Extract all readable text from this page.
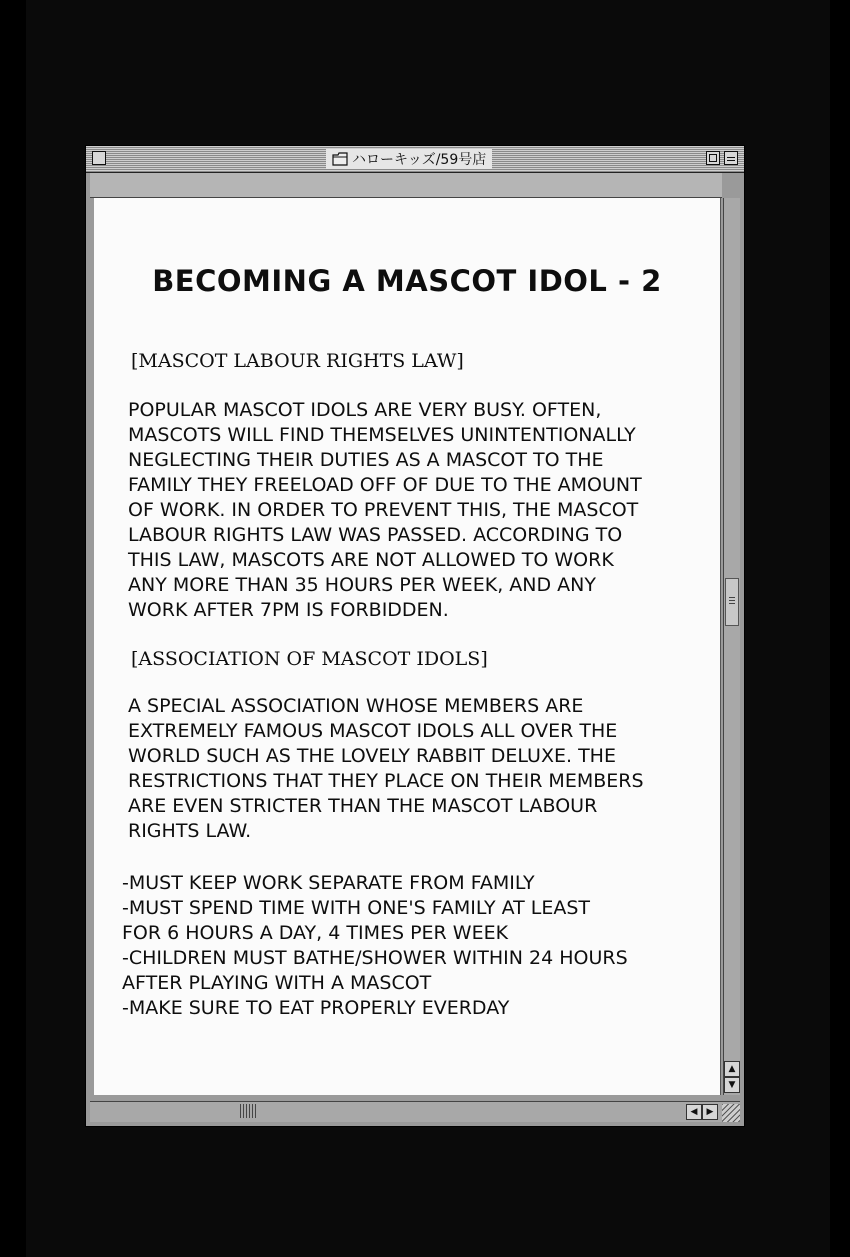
ハローキッズ/59号店
BECOMING A MASCOT IDOL - 2
[MASCOT LABOUR RIGHTS LAW]

POPULAR MASCOT IDOLS ARE VERY BUSY. OFTEN,
MASCOTS WILL FIND THEMSELVES UNINTENTIONALLY
NEGLECTING THEIR DUTIES AS A MASCOT TO THE
FAMILY THEY FREELOAD OFF OF DUE TO THE AMOUNT
OF WORK. IN ORDER TO PREVENT THIS, THE MASCOT
LABOUR RIGHTS LAW WAS PASSED. ACCORDING TO
THIS LAW, MASCOTS ARE NOT ALLOWED TO WORK
ANY MORE THAN 35 HOURS PER WEEK, AND ANY
WORK AFTER 7PM IS FORBIDDEN.

[ASSOCIATION OF MASCOT IDOLS]

A SPECIAL ASSOCIATION WHOSE MEMBERS ARE
EXTREMELY FAMOUS MASCOT IDOLS ALL OVER THE
WORLD SUCH AS THE LOVELY RABBIT DELUXE. THE
RESTRICTIONS THAT THEY PLACE ON THEIR MEMBERS
ARE EVEN STRICTER THAN THE MASCOT LABOUR
RIGHTS LAW.

-MUST KEEP WORK SEPARATE FROM FAMILY
-MUST SPEND TIME WITH ONE'S FAMILY AT LEAST
FOR 6 HOURS A DAY, 4 TIMES PER WEEK
-CHILDREN MUST BATHE/SHOWER WITHIN 24 HOURS
AFTER PLAYING WITH A MASCOT
-MAKE SURE TO EAT PROPERLY EVERDAY
▲
▼
◀	▶
